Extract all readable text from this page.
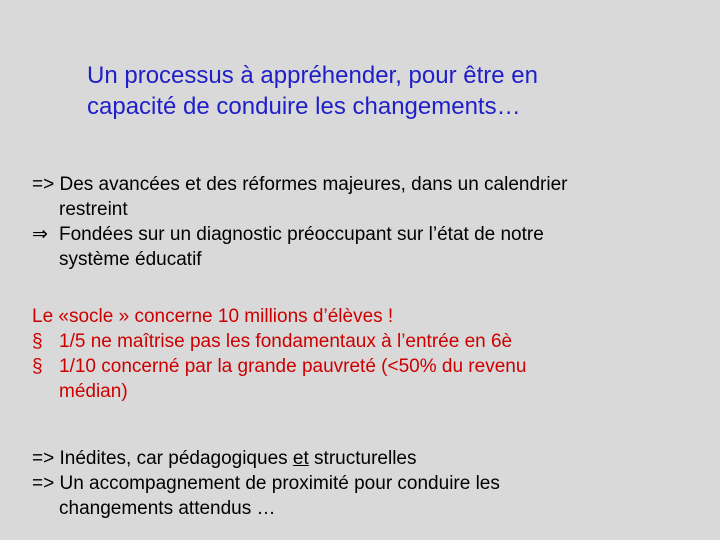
Un processus à appréhender, pour être en
capacité de conduire les changements…
=> Des avancées et des réformes majeures, dans un calendrier
restreint
⇒ Fondées sur un diagnostic préoccupant sur l’état de notre
système éducatif
Le «socle » concerne 10 millions d’élèves !
§ 1/5 ne maîtrise pas les fondamentaux à l’entrée en 6è
§ 1/10 concerné par la grande pauvreté (<50% du revenu
médian)
=> Inédites, car pédagogiques et structurelles
=> Un accompagnement de proximité pour conduire les
changements attendus …
